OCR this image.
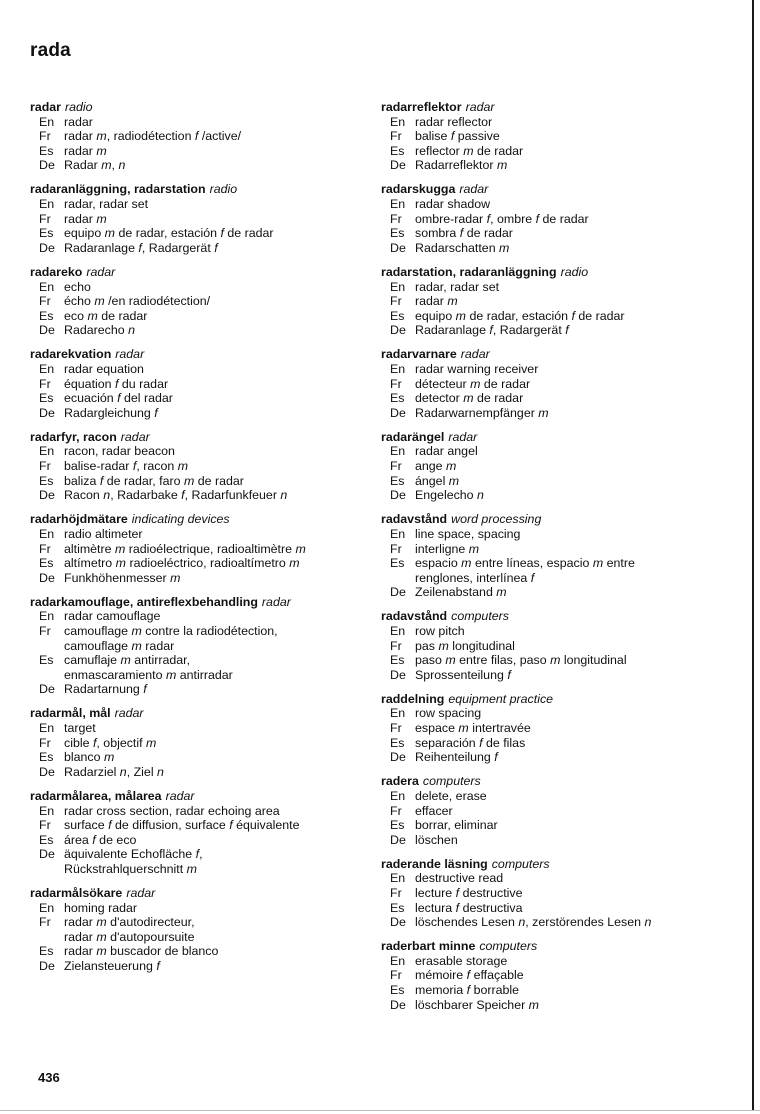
rada
radar radio
En radar
Fr	radar m, radiodétection f /active/
Es radar m
De Radar m, n
radaranläggning, radarstation radio
En radar, radar set
Fr	radar m
Es equipo m de radar, estación f de radar
De Radaranlage f, Radargerät f
radareko radar
En echo
Fr	écho m /en radiodétection/
Es eco m de radar
De Radarecho n
radarekvation radar
En radar equation
Fr	équation f du radar
Es ecuación f del radar
De Radargleichung f
radarfyr, racon radar
En racon, radar beacon
Fr	balise-radar f, racon m
Es baliza f de radar, faro m de radar
De Racon n, Radarbake f, Radarfunkfeuer n
radarhöjdmätare indicating devices
En radio altimeter
Fr	altimètre m radioélectrique, radioaltimètre m
Es altímetro m radioeléctrico, radioaltímetro m
De Funkhöhenmesser m
radarkamouflage, antireflexbehandling radar
En radar camouflage
Fr	camouflage m contre la radiodétection,
camouflage m radar
Es camuflaje m antirradar,
enmascaramiento m antirradar
De Radartarnung f
radarmål, mål radar
En target
Fr	cible f, objectif m
Es blanco m
De Radarziel n, Ziel n
radarmålarea, målarea radar
En radar cross section, radar echoing area
Fr	surface f de diffusion, surface f équivalente
Es área f de eco
De äquivalente Echofläche f,
Rückstrahlquerschnitt m
radarmålsökare radar
En homing radar
Fr	radar m d'autodirecteur,
radar m d'autopoursuite
Es radar m buscador de blanco
De Zielansteuerung f
radarreflektor radar
En radar reflector
Fr	balise f passive
Es reflector m de radar
De Radarreflektor m
radarskugga radar
En radar shadow
Fr	ombre-radar f, ombre f de radar
Es sombra f de radar
De Radarschatten m
radarstation, radaranläggning radio
En radar, radar set
Fr	radar m
Es equipo m de radar, estación f de radar
De Radaranlage f, Radargerät f
radarvarnare radar
En radar warning receiver
Fr	détecteur m de radar
Es detector m de radar
De Radarwarnempfänger m
radarängel radar
En radar angel
Fr	ange m
Es ángel m
De Engelecho n
radavstånd word processing
En line space, spacing
Fr	interligne m
Es espacio m entre líneas, espacio m entre
renglones, interlínea f
De Zeilenabstand m
radavstånd computers
En row pitch
Fr	pas m longitudinal
Es paso m entre filas, paso m longitudinal
De Sprossenteilung f
raddelning equipment practice
En row spacing
Fr	espace m intertravée
Es separación f de filas
De Reihenteilung f
radera computers
En delete, erase
Fr	effacer
Es borrar, eliminar
De löschen
raderande läsning computers
En destructive read
Fr	lecture f destructive
Es lectura f destructiva
De löschendes Lesen n, zerstörendes Lesen n
raderbart minne computers
En erasable storage
Fr	mémoire f effaçable
Es memoria f borrable
De löschbarer Speicher m
436
